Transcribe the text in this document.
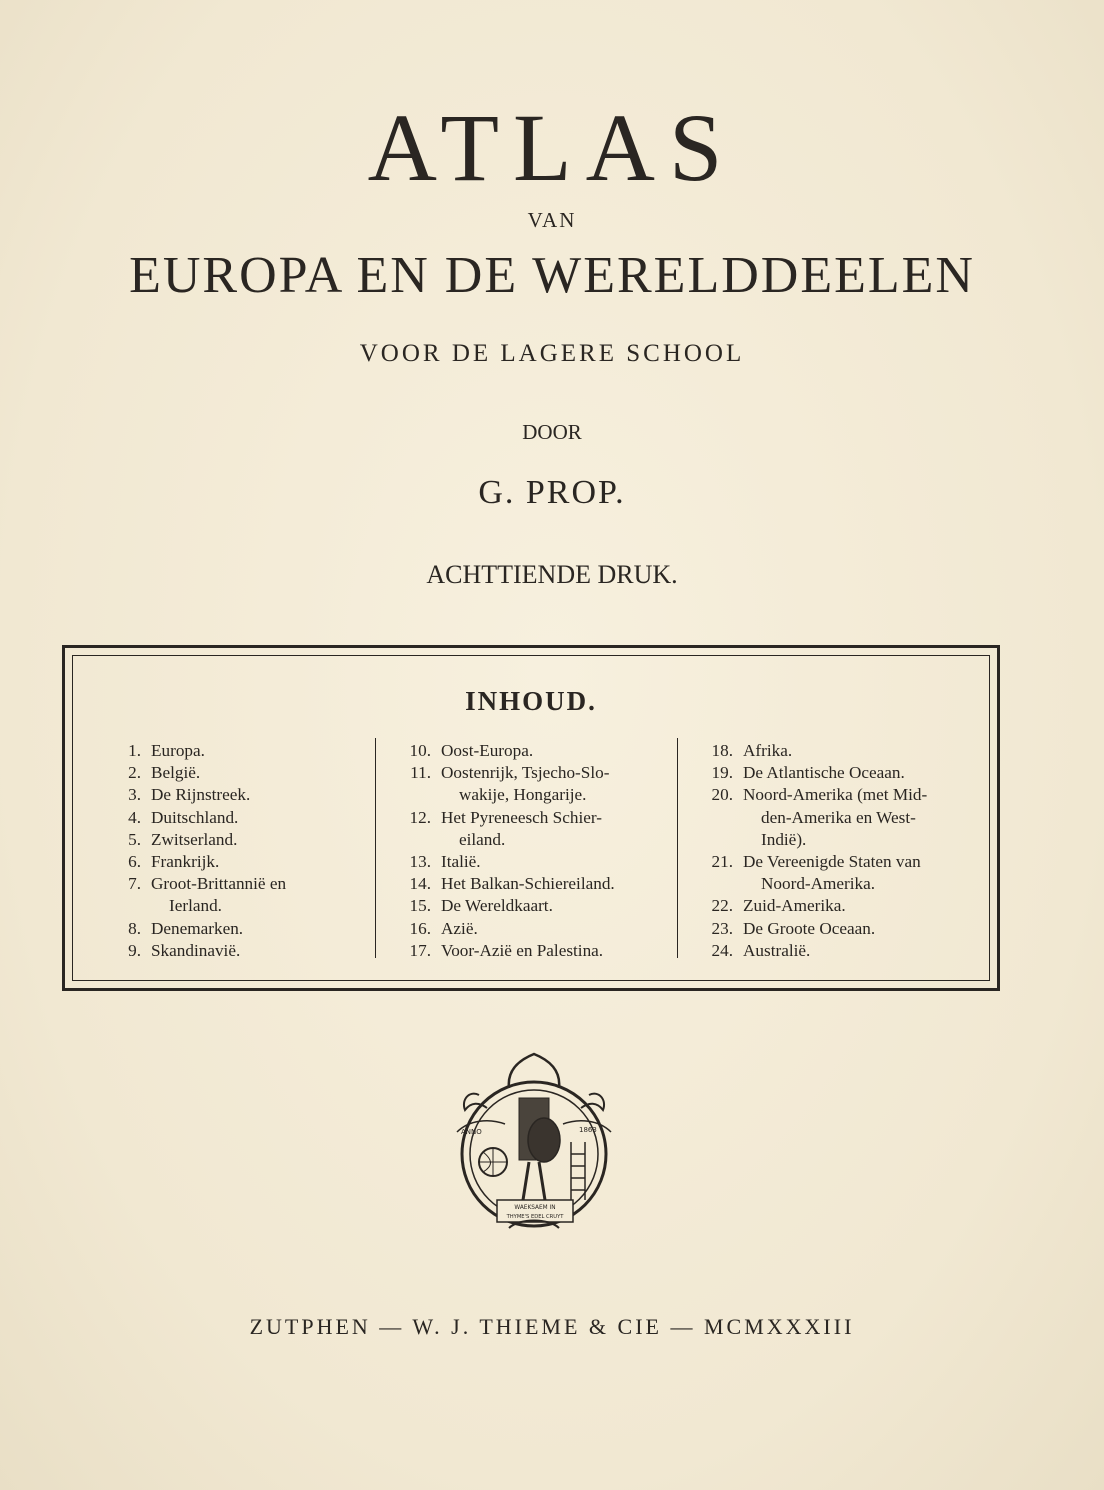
ATLAS
VAN
EUROPA EN DE WERELDDEELEN
VOOR DE LAGERE SCHOOL
DOOR
G. PROP.
ACHTTIENDE DRUK.
INHOUD.
1. Europa.
2. België.
3. De Rijnstreek.
4. Duitschland.
5. Zwitserland.
6. Frankrijk.
7. Groot-Brittannië en
Ierland.
8. Denemarken.
9. Skandinavië.
10. Oost-Europa.
11. Oostenrijk, Tsjecho-Slo-
wakije, Hongarije.
12. Het Pyreneesch Schier-
eiland.
13. Italië.
14. Het Balkan-Schiereiland.
15. De Wereldkaart.
16. Azië.
17. Voor-Azië en Palestina.
18. Afrika.
19. De Atlantische Oceaan.
20. Noord-Amerika (met Mid-
den-Amerika en West-
Indië).
21. De Vereenigde Staten van
Noord-Amerika.
22. Zuid-Amerika.
23. De Groote Oceaan.
24. Australië.
ANNO	1863
WAEKSAEM IN
THYME'S EDEL CRUYT
ZUTPHEN — W. J. THIEME & CIE — MCMXXXIII
